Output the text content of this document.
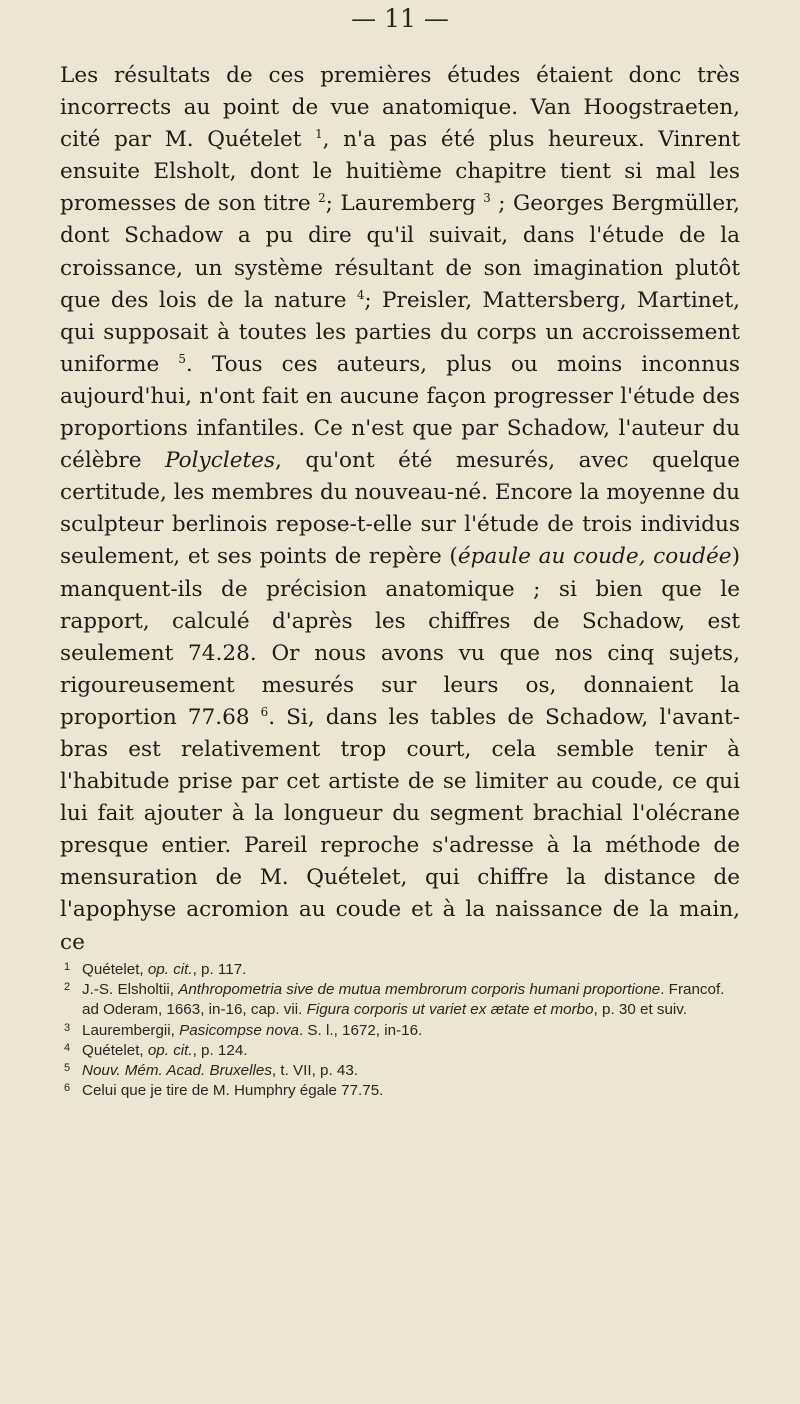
— 11 —

Les résultats de ces premières études étaient donc très incorrects au point de vue anatomique. Van Hoogstraeten, cité par M. Quételet $^1$, n'a pas été plus heureux. Vinrent ensuite Elsholt, dont le huitième chapitre tient si mal les promesses de son titre $^2$; Lauremberg $^3$ ; Georges Bergmüller, dont Schadow a pu dire qu'il suivait, dans l'étude de la croissance, un système résultant de son imagination plutôt que des lois de la nature $^4$; Preisler, Mattersberg, Martinet, qui supposait à toutes les parties du corps un accroissement uniforme $^5$. Tous ces auteurs, plus ou moins inconnus aujourd'hui, n'ont fait en aucune façon progresser l'étude des proportions infantiles. Ce n'est que par Schadow, l'auteur du célèbre Polycletes, qu'ont été mesurés, avec quelque certitude, les membres du nouveau-né. Encore la moyenne du sculpteur berlinois repose-t-elle sur l'étude de trois individus seulement, et ses points de repère (épaule au coude, coudée) manquent-ils de précision anatomique ; si bien que le rapport, calculé d'après les chiffres de Schadow, est seulement 74.28. Or nous avons vu que nos cinq sujets, rigoureusement mesurés sur leurs os, donnaient la proportion 77.68 $^6$. Si, dans les tables de Schadow, l'avant-bras est relativement trop court, cela semble tenir à l'habitude prise par cet artiste de se limiter au coude, ce qui lui fait ajouter à la longueur du segment brachial l'olécrane presque entier. Pareil reproche s'adresse à la méthode de mensuration de M. Quételet, qui chiffre la distance de l'apophyse acromion au coude et à la naissance de la main, ce

1 Quételet, op. cit., p. 117.

2 J.-S. Elsholtii, Anthropometria sive de mutua membrorum corporis humani proportione. Francof. ad Oderam, 1663, in-16, cap. vii. Figura corporis ut variet ex ætate et morbo, p. 30 et suiv.

3 Laurembergii, Pasicompse nova. S. l., 1672, in-16.

4 Quételet, op. cit., p. 124.

5 Nouv. Mém. Acad. Bruxelles, t. VII, p. 43.

6 Celui que je tire de M. Humphry égale 77.75.
